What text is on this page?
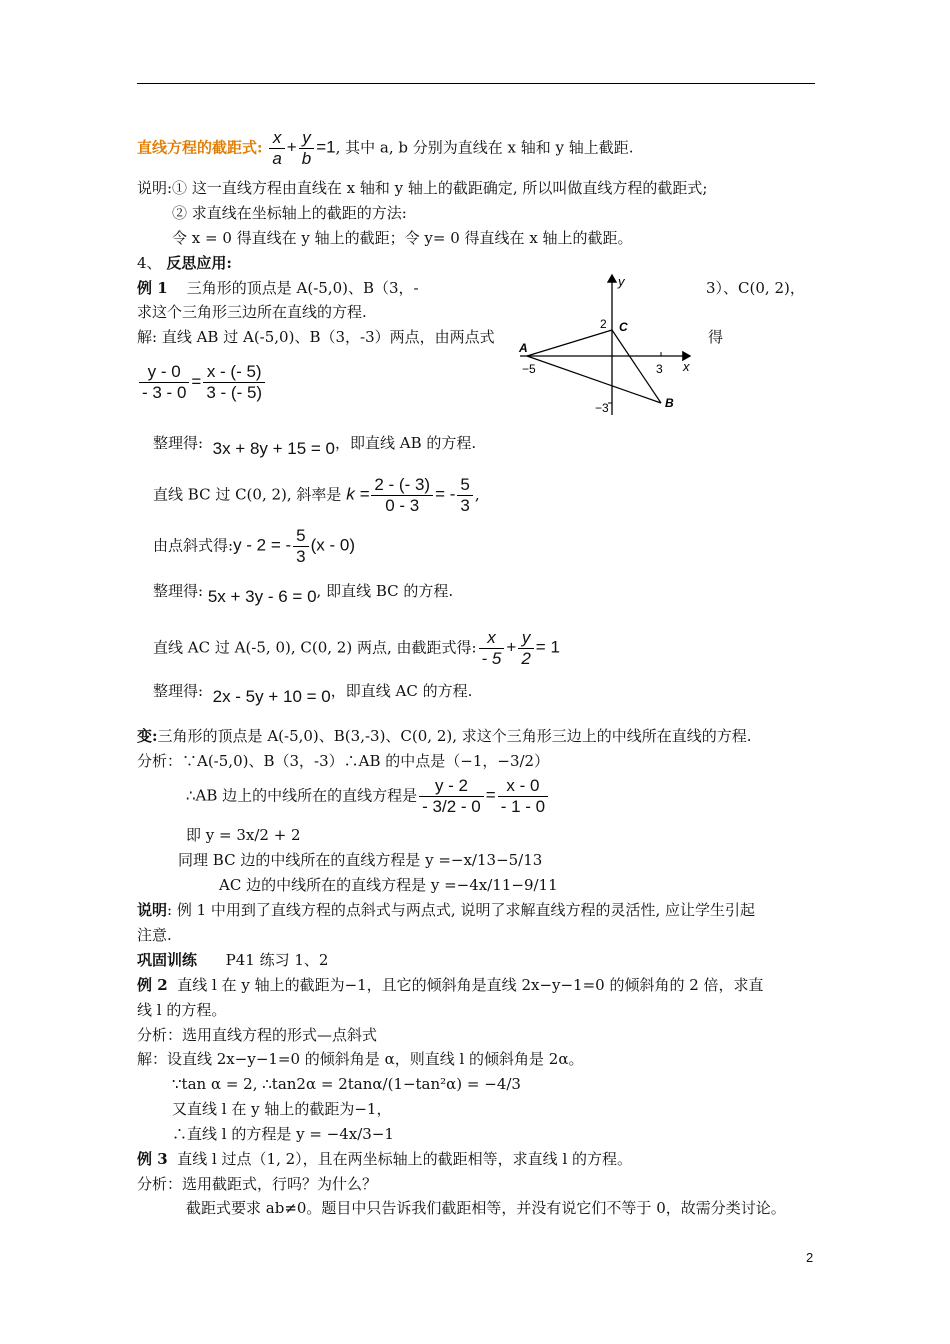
直线方程的截距式: $\frac{x}{a} + \frac{y}{b} =1$, 其中 a, b 分别为直线在 x 轴和 y 轴上截距.
说明:① 这一直线方程由直线在 x 轴和 y 轴上的截距确定, 所以叫做直线方程的截距式;
② 求直线在坐标轴上的截距的方法:
令 x = 0 得直线在 y 轴上的截距；令 y= 0 得直线在 x 轴上的截距。
4、 反思应用:
例 1 三角形的顶点是 A(-5,0)、B（3，-	3）、C(0, 2)，
求这个三角形三边所在直线的方程.
解: 直线 AB 过 A(-5,0)、B（3，-3）两点，由两点式	得
y
x
A
C
B
2
−5	3
−3
$\frac{y - 0}{- 3 - 0} = \frac{x - (- 5)}{3 - (- 5)}$
整理得: 3x + 8y + 15 = 0，即直线 AB 的方程.
直线 BC 过 C(0, 2), 斜率是 $k = \frac{2 - (- 3)}{0 - 3}$ = - $\frac{5}{3}$ ,
由点斜式得:y - 2 = - $\frac{5}{3} (x - 0)$
整理得: 5x + 3y - 6 = 0, 即直线 BC 的方程.
直线 AC 过 A(-5, 0), C(0, 2) 两点, 由截距式得: $\frac{x}{- 5} + \frac{y}{2} = 1$
整理得: 2x - 5y + 10 = 0，即直线 AC 的方程.
变:三角形的顶点是 A(-5,0)、B(3,-3)、C(0, 2), 求这个三角形三边上的中线所在直线的方程.
分析：∵A(-5,0)、B（3，-3）∴AB 的中点是（−1，−3/2）
∴AB 边上的中线所在的直线方程是 $\frac{y - 2}{- 3/2 - 0} = \frac{x - 0}{- 1 - 0}$
即 y = 3x/2 + 2
同理 BC 边的中线所在的直线方程是 y =−x/13−5/13
AC 边的中线所在的直线方程是 y =−4x/11−9/11
说明: 例 1 中用到了直线方程的点斜式与两点式, 说明了求解直线方程的灵活性, 应让学生引起
注意.
巩固训练 P41 练习 1、2
例 2 直线 l 在 y 轴上的截距为−1，且它的倾斜角是直线 2x−y−1=0 的倾斜角的 2 倍，求直
线 l 的方程。
分析：选用直线方程的形式—点斜式
解：设直线 2x−y−1=0 的倾斜角是 α，则直线 l 的倾斜角是 2α。
∵tan α = 2, ∴tan2α = 2tanα/(1−tan²α) = −4/3
又直线 l 在 y 轴上的截距为−1，
∴直线 l 的方程是 y = −4x/3−1
例 3 直线 l 过点（1, 2），且在两坐标轴上的截距相等，求直线 l 的方程。
分析：选用截距式，行吗？为什么？
截距式要求 ab≠0。题目中只告诉我们截距相等，并没有说它们不等于 0，故需分类讨论。
2
